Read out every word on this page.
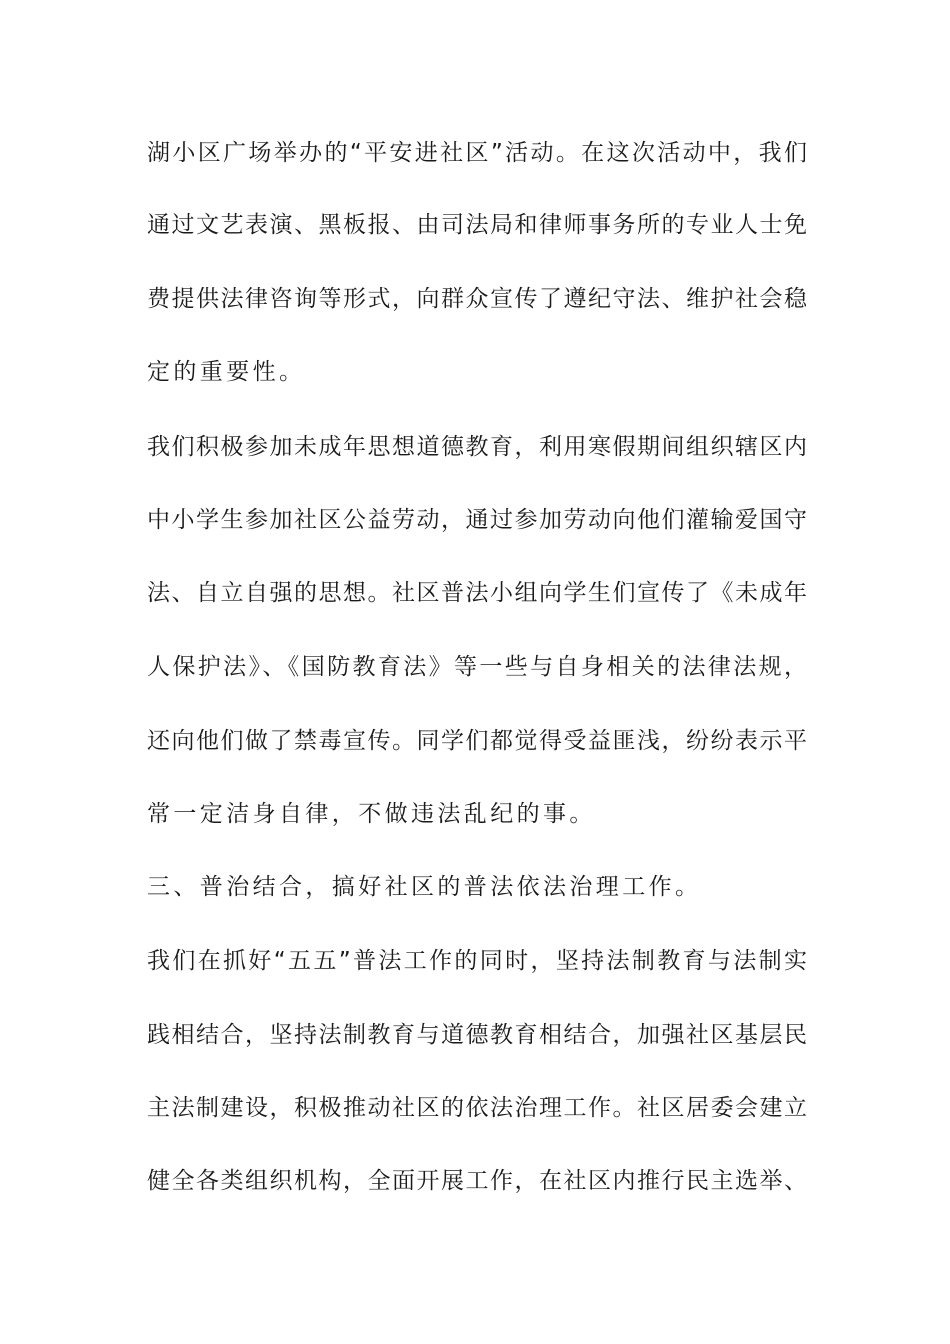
湖小区广场举办的“平安进社区”活动。在这次活动中，我们
通过文艺表演、黑板报、由司法局和律师事务所的专业人士免
费提供法律咨询等形式，向群众宣传了遵纪守法、维护社会稳
定的重要性。
我们积极参加未成年思想道德教育，利用寒假期间组织辖区内
中小学生参加社区公益劳动，通过参加劳动向他们灌输爱国守
法、自立自强的思想。社区普法小组向学生们宣传了《未成年
人保护法》、《国防教育法》等一些与自身相关的法律法规，
还向他们做了禁毒宣传。同学们都觉得受益匪浅，纷纷表示平
常一定洁身自律，不做违法乱纪的事。
三、普治结合，搞好社区的普法依法治理工作。
我们在抓好“五五”普法工作的同时，坚持法制教育与法制实
践相结合，坚持法制教育与道德教育相结合，加强社区基层民
主法制建设，积极推动社区的依法治理工作。社区居委会建立
健全各类组织机构，全面开展工作，在社区内推行民主选举、
